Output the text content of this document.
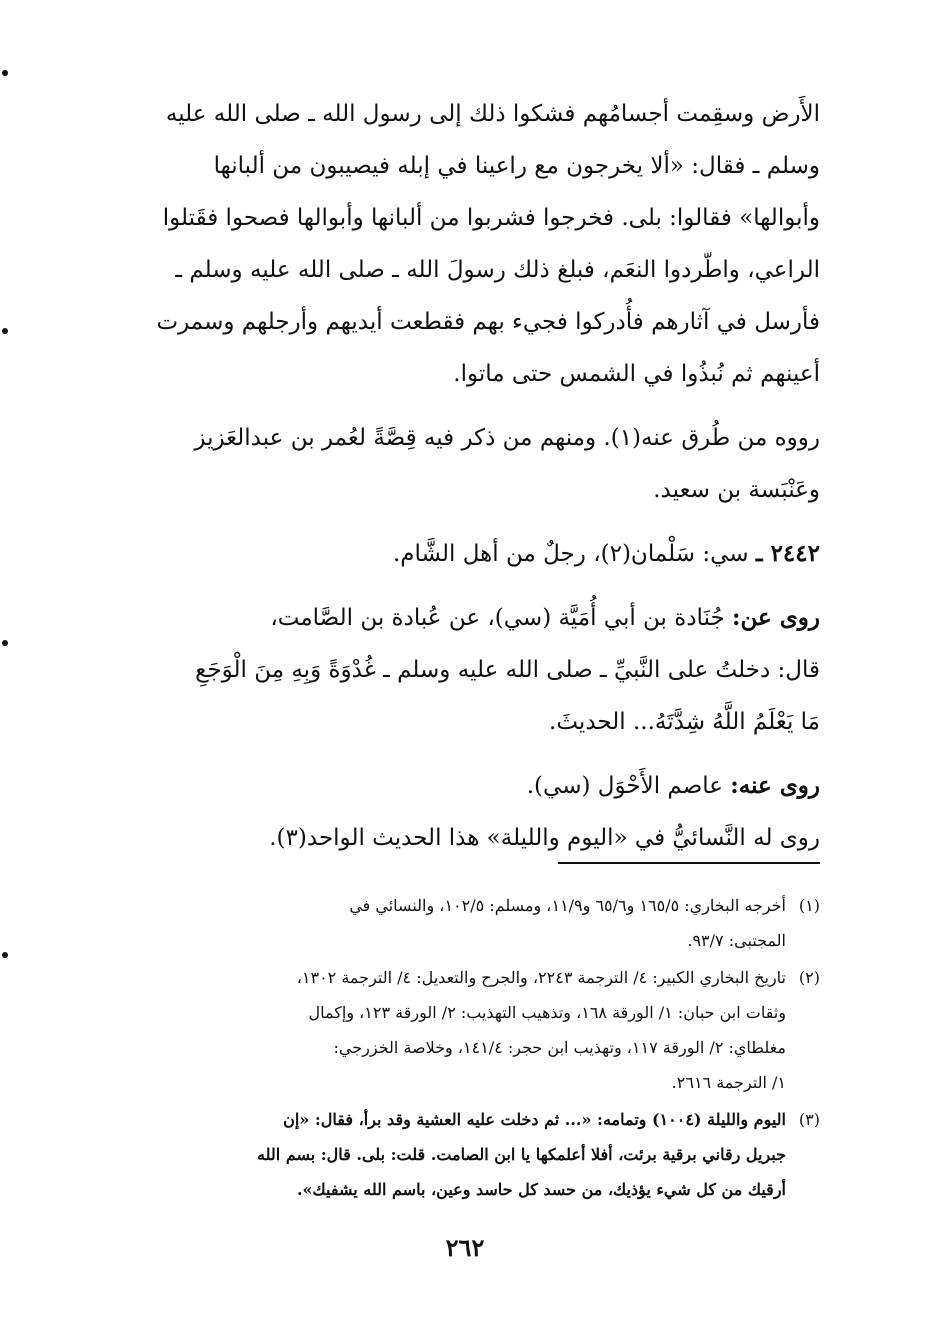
الأَرض وسقِمت أجسامُهم فشكوا ذلك إلى رسول الله ـ صلى الله عليه

وسلم ـ فقال: «ألا يخرجون مع راعينا في إبله فيصيبون من ألبانها

وأبوالها» فقالوا: بلى. فخرجوا فشربوا من ألبانها وأبوالها فصحوا فقَتلوا

الراعي، واطّردوا النعَم، فبلغ ذلك رسولَ الله ـ صلى الله عليه وسلم ـ

فأرسل في آثارهم فأُدركوا فجيء بهم فقطعت أيديهم وأرجلهم وسمرت

أعينهم ثم نُبذُوا في الشمس حتى ماتوا.

رووه من طُرق عنه(١). ومنهم من ذكر فيه قِصَّةً لعُمر بن عبدالعَزيز

وعَنْبَسة بن سعيد.

٢٤٤٢ ـ سي: سَلْمان(٢)، رجلٌ من أهل الشَّام.

روى عن: جُنَادة بن أبي أُمَيَّة (سي)، عن عُبادة بن الصَّامت،

قال: دخلتُ على النَّبيِّ ـ صلى الله عليه وسلم ـ غُدْوَةً وَبِهِ مِنَ الْوَجَعِ

مَا يَعْلَمُ اللَّهُ شِدَّتَهُ... الحديثَ.

روى عنه: عاصم الأَحْوَل (سي).

روى له النَّسائيُّ في «اليوم والليلة» هذا الحديث الواحد(٣).

(١)
أخرجه البخاري: ١٦٥/٥ و٦٥/٦ و١١/٩، ومسلم: ١٠٢/٥، والنسائي في
المجتبى: ٩٣/٧.
(٢)
تاريخ البخاري الكبير: ٤/ الترجمة ٢٢٤٣، والجرح والتعديل: ٤/ الترجمة ١٣٠٢،
وثقات ابن حبان: ١/ الورقة ١٦٨، وتذهيب التهذيب: ٢/ الورقة ١٢٣، وإكمال
مغلطاي: ٢/ الورقة ١١٧، وتهذيب ابن حجر: ١٤١/٤، وخلاصة الخزرجي:
١/ الترجمة ٢٦١٦.
(٣)
اليوم والليلة (١٠٠٤) وتمامه: «... ثم دخلت عليه العشية وقد برأ، فقال: «إن
جبريل رقاني برقية برئت، أفلا أعلمكها يا ابن الصامت. قلت: بلى. قال: بسم الله
أرقيك من كل شيء يؤذيك، من حسد كل حاسد وعين، باسم الله يشفيك».
٢٦٢
